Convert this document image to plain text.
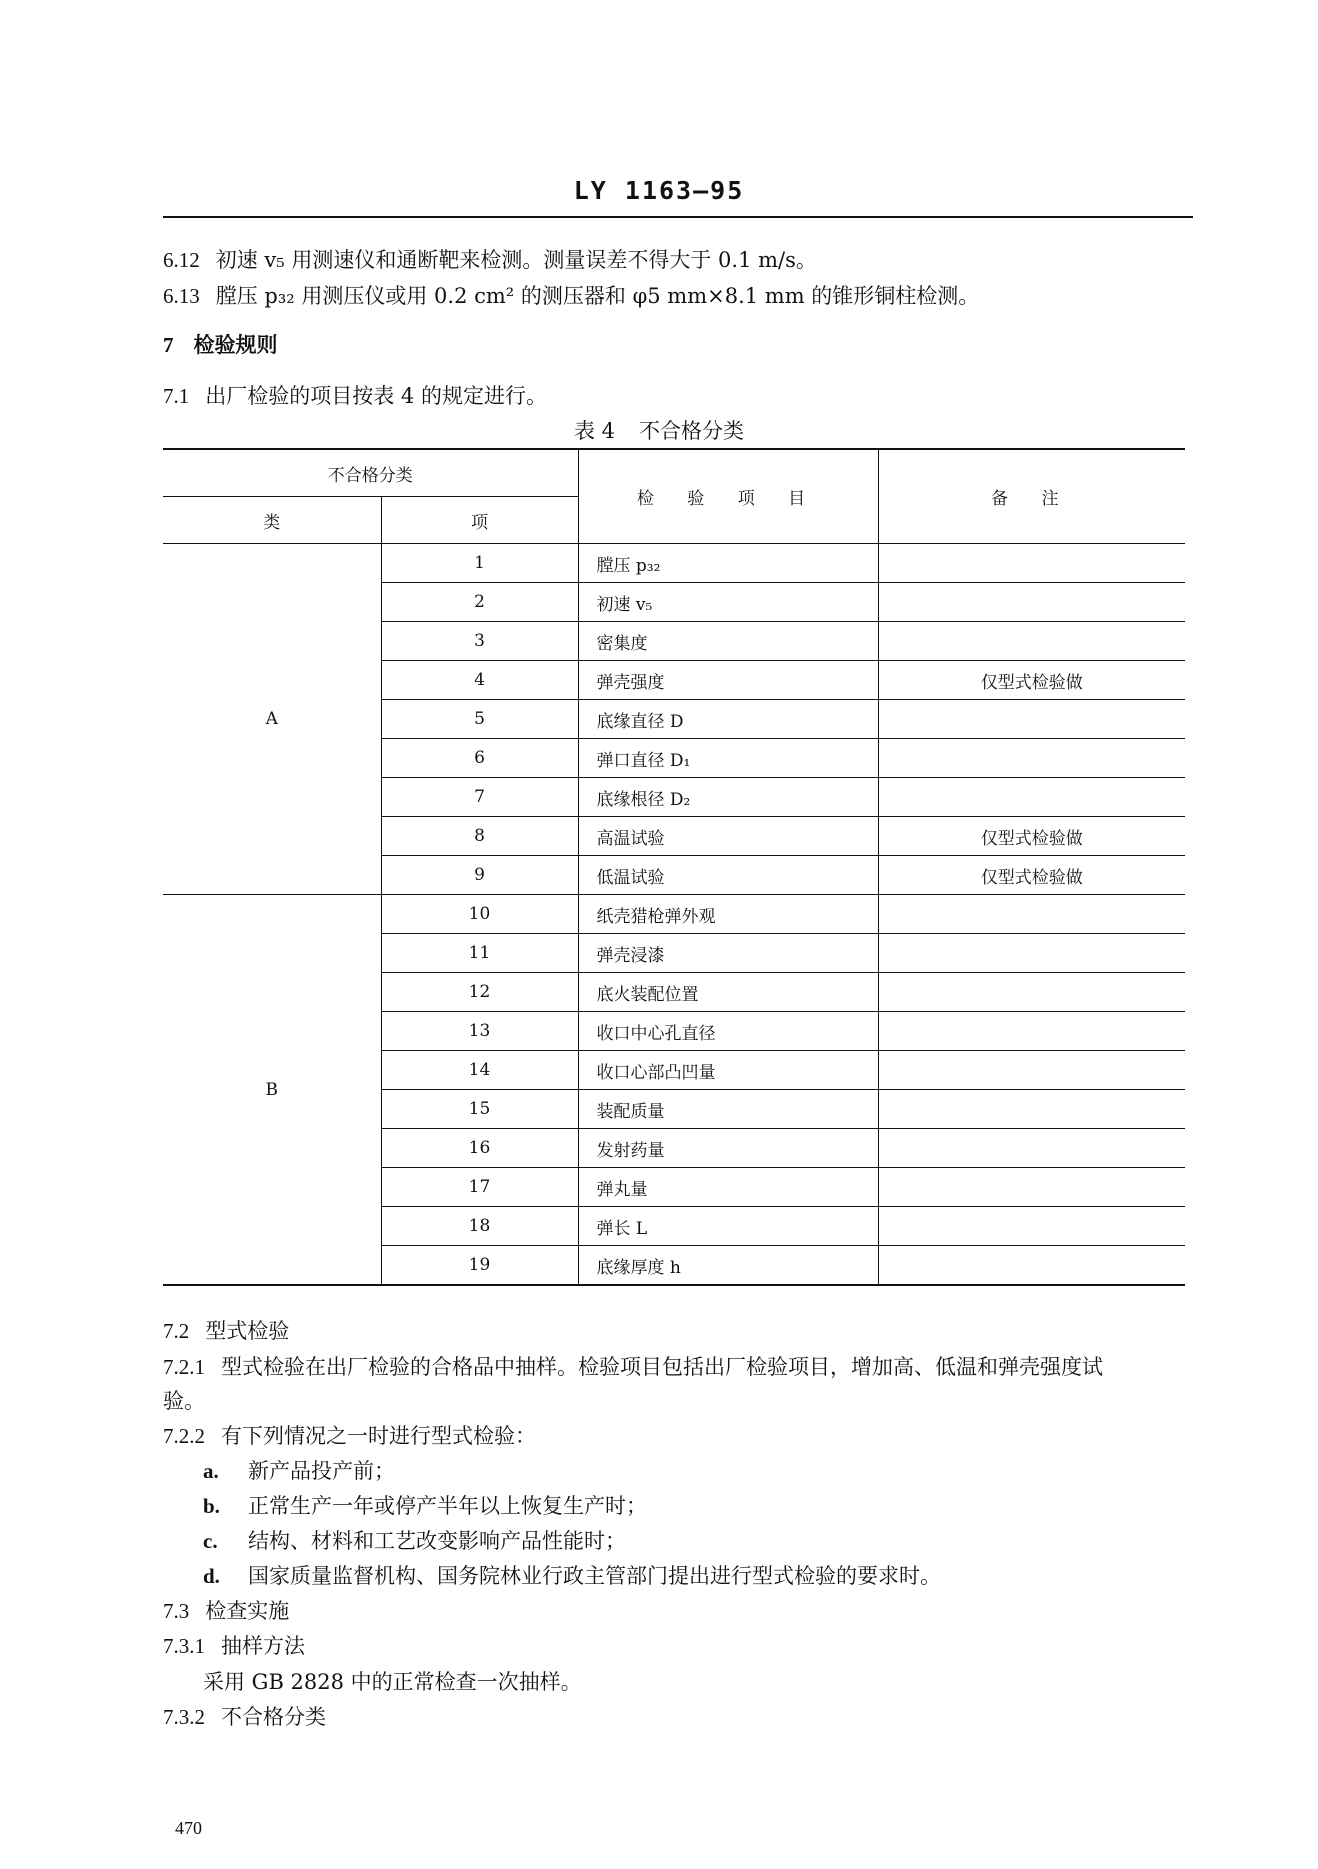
LY 1163—95
6.12 初速 v₅ 用测速仪和通断靶来检测。测量误差不得大于 0.1 m/s。
6.13 膛压 p₃₂ 用测压仪或用 0.2 cm² 的测压器和 φ5 mm×8.1 mm 的锥形铜柱检测。
7 检验规则
7.1 出厂检验的项目按表 4 的规定进行。
表 4 不合格分类
不合格分类		检 验 项 目	备 注
类	项		
A	1	膛压 p₃₂	
	2	初速 v₅	
	3	密集度	
	4	弹壳强度	仅型式检验做
	5	底缘直径 D	
	6	弹口直径 D₁	
	7	底缘根径 D₂	
	8	高温试验	仅型式检验做
	9	低温试验	仅型式检验做
B	10	纸壳猎枪弹外观	
	11	弹壳浸漆	
	12	底火装配位置	
	13	收口中心孔直径	
	14	收口心部凸凹量	
	15	装配质量	
	16	发射药量	
	17	弹丸量	
	18	弹长 L	
	19	底缘厚度 h	
7.2 型式检验
7.2.1 型式检验在出厂检验的合格品中抽样。检验项目包括出厂检验项目，增加高、低温和弹壳强度试
验。
7.2.2 有下列情况之一时进行型式检验：
a. 新产品投产前；
b. 正常生产一年或停产半年以上恢复生产时；
c. 结构、材料和工艺改变影响产品性能时；
d. 国家质量监督机构、国务院林业行政主管部门提出进行型式检验的要求时。
7.3 检查实施
7.3.1 抽样方法
采用 GB 2828 中的正常检查一次抽样。
7.3.2 不合格分类
470
